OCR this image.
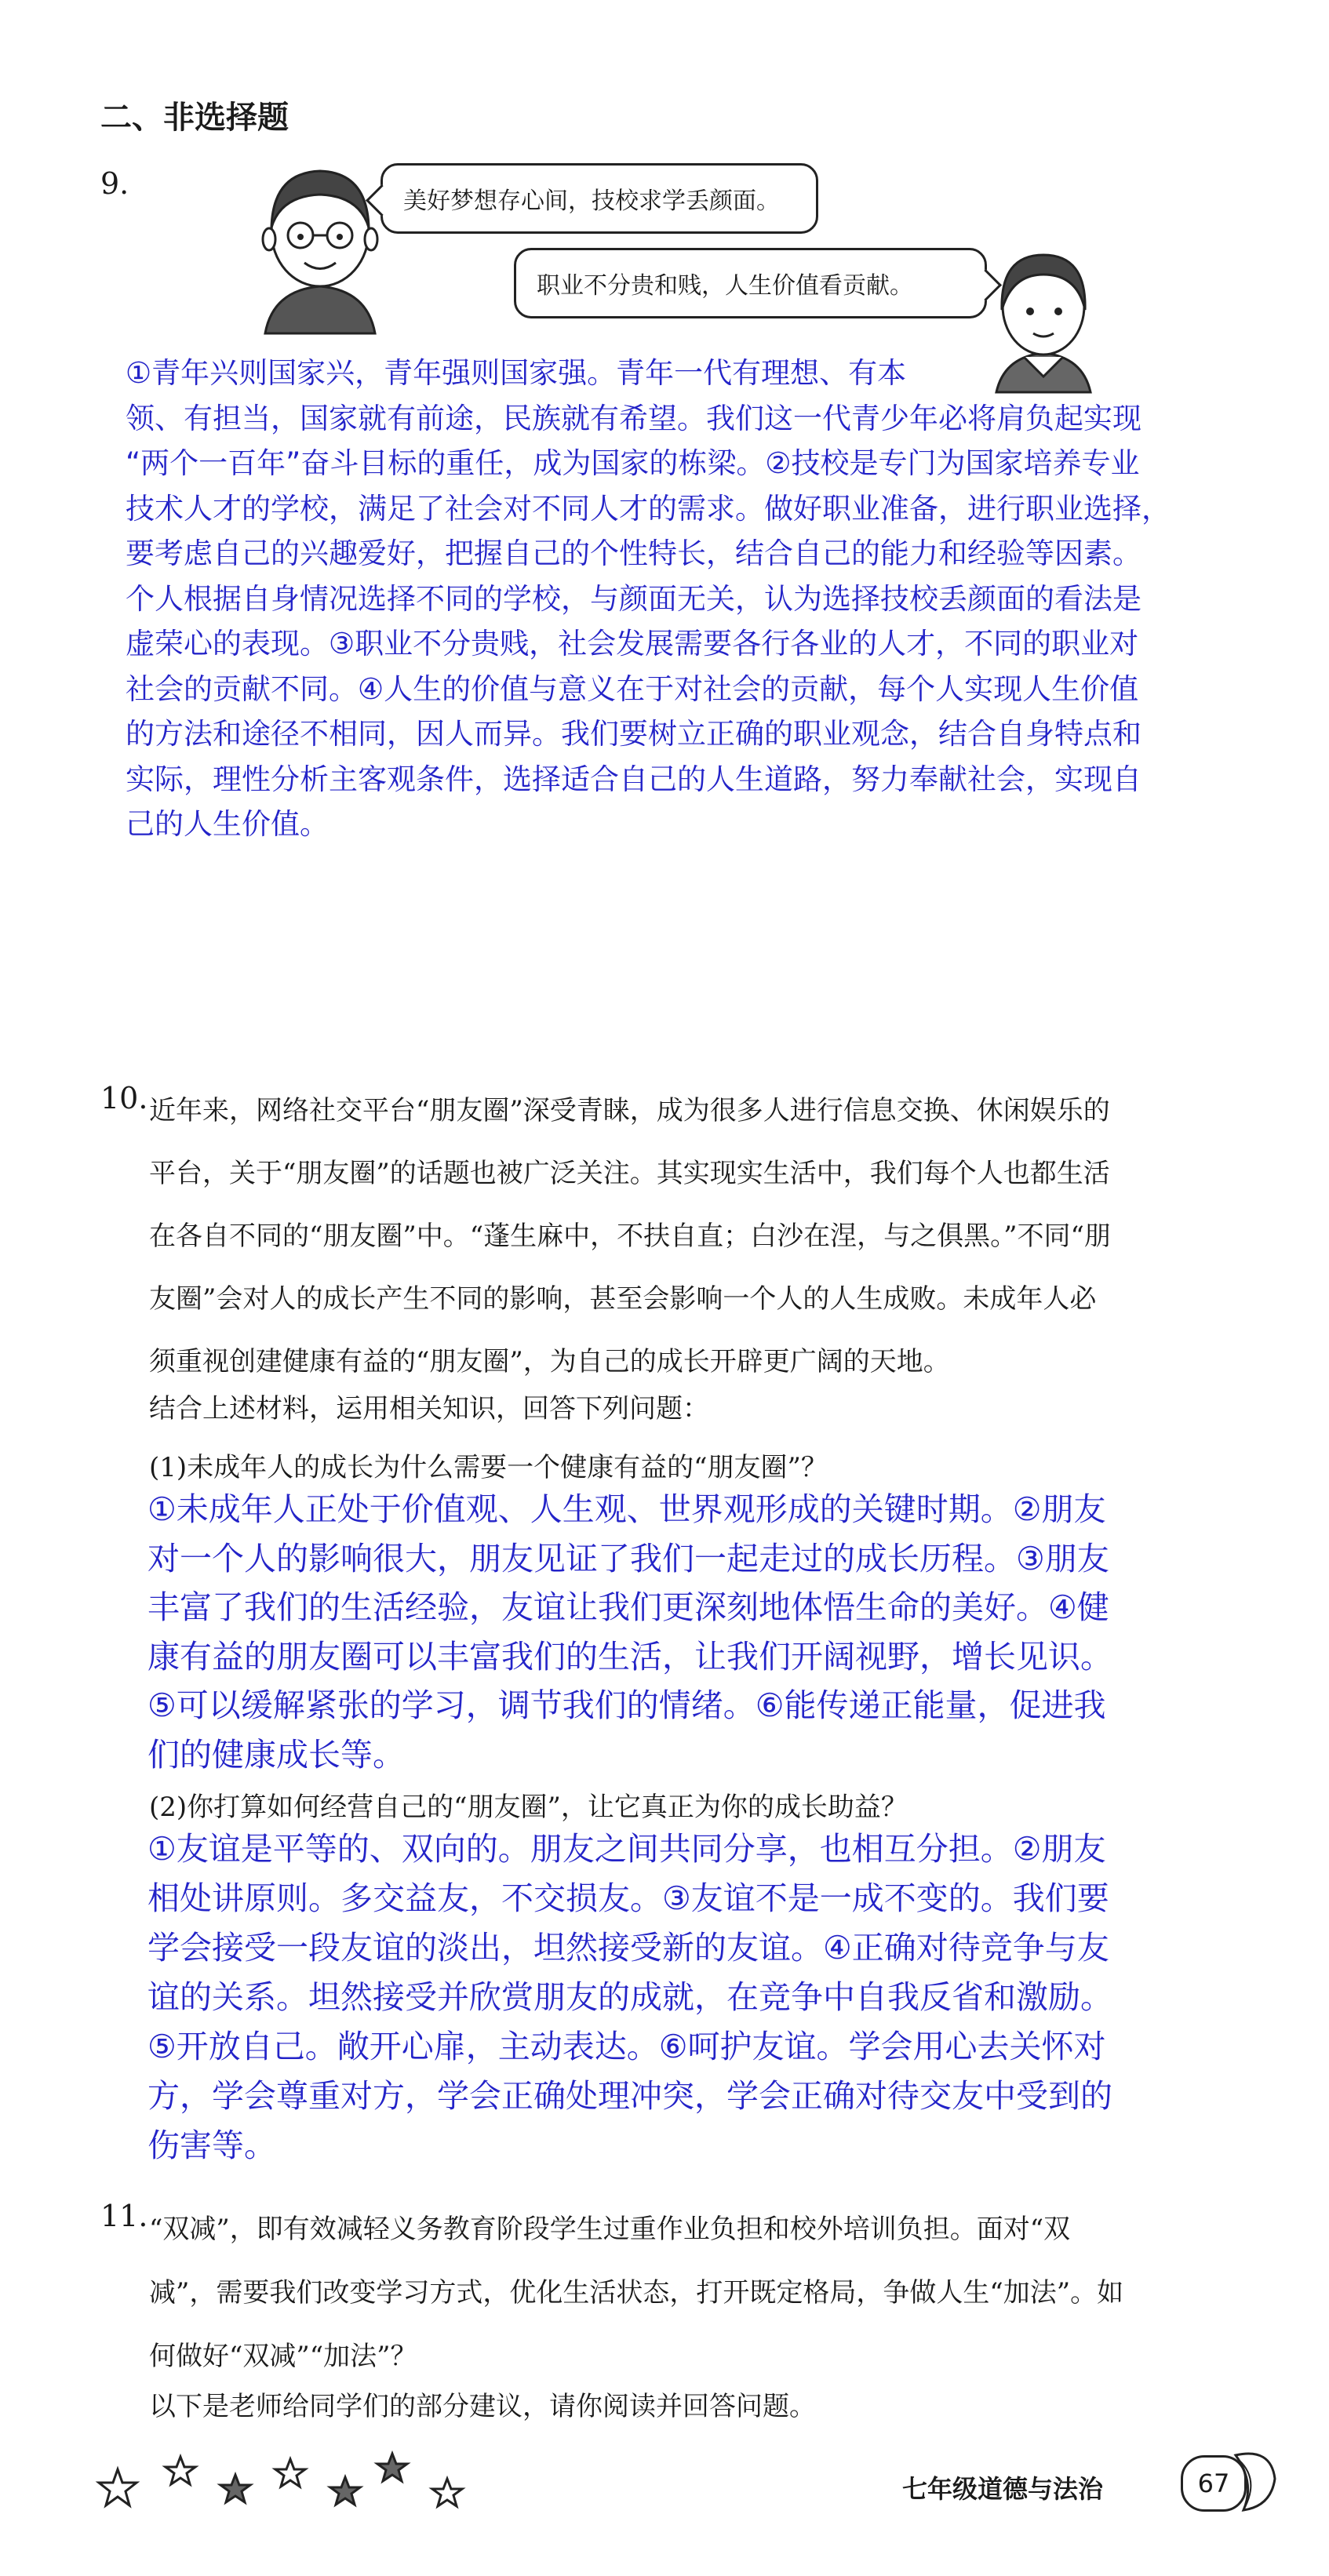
二、非选择题
9.
美好梦想存心间，技校求学丢颜面。
职业不分贵和贱，人生价值看贡献。
①青年兴则国家兴，青年强则国家强。青年一代有理想、有本
领、有担当，国家就有前途，民族就有希望。我们这一代青少年必将肩负起实现
“两个一百年”奋斗目标的重任，成为国家的栋梁。②技校是专门为国家培养专业
技术人才的学校，满足了社会对不同人才的需求。做好职业准备，进行职业选择，
要考虑自己的兴趣爱好，把握自己的个性特长，结合自己的能力和经验等因素。
个人根据自身情况选择不同的学校，与颜面无关，认为选择技校丢颜面的看法是
虚荣心的表现。③职业不分贵贱，社会发展需要各行各业的人才，不同的职业对
社会的贡献不同。④人生的价值与意义在于对社会的贡献，每个人实现人生价值
的方法和途径不相同，因人而异。我们要树立正确的职业观念，结合自身特点和
实际，理性分析主客观条件，选择适合自己的人生道路，努力奉献社会，实现自
己的人生价值。
10. 近年来，网络社交平台“朋友圈”深受青睐，成为很多人进行信息交换、休闲娱乐的
平台，关于“朋友圈”的话题也被广泛关注。其实现实生活中，我们每个人也都生活
在各自不同的“朋友圈”中。“蓬生麻中，不扶自直；白沙在涅，与之俱黑。”不同“朋
友圈”会对人的成长产生不同的影响，甚至会影响一个人的人生成败。未成年人必
须重视创建健康有益的“朋友圈”，为自己的成长开辟更广阔的天地。
结合上述材料，运用相关知识，回答下列问题：
(1)未成年人的成长为什么需要一个健康有益的“朋友圈”？
①未成年人正处于价值观、人生观、世界观形成的关键时期。②朋友
对一个人的影响很大，朋友见证了我们一起走过的成长历程。③朋友
丰富了我们的生活经验，友谊让我们更深刻地体悟生命的美好。④健
康有益的朋友圈可以丰富我们的生活，让我们开阔视野，增长见识。
⑤可以缓解紧张的学习，调节我们的情绪。⑥能传递正能量，促进我
们的健康成长等。
(2)你打算如何经营自己的“朋友圈”，让它真正为你的成长助益？
①友谊是平等的、双向的。朋友之间共同分享，也相互分担。②朋友
相处讲原则。多交益友，不交损友。③友谊不是一成不变的。我们要
学会接受一段友谊的淡出，坦然接受新的友谊。④正确对待竞争与友
谊的关系。坦然接受并欣赏朋友的成就，在竞争中自我反省和激励。
⑤开放自己。敞开心扉，主动表达。⑥呵护友谊。学会用心去关怀对
方，学会尊重对方，学会正确处理冲突，学会正确对待交友中受到的
伤害等。
11. “双减”，即有效减轻义务教育阶段学生过重作业负担和校外培训负担。面对“双
减”，需要我们改变学习方式，优化生活状态，打开既定格局，争做人生“加法”。如
何做好“双减”“加法”？
以下是老师给同学们的部分建议，请你阅读并回答问题。
七年级道德与法治	67
